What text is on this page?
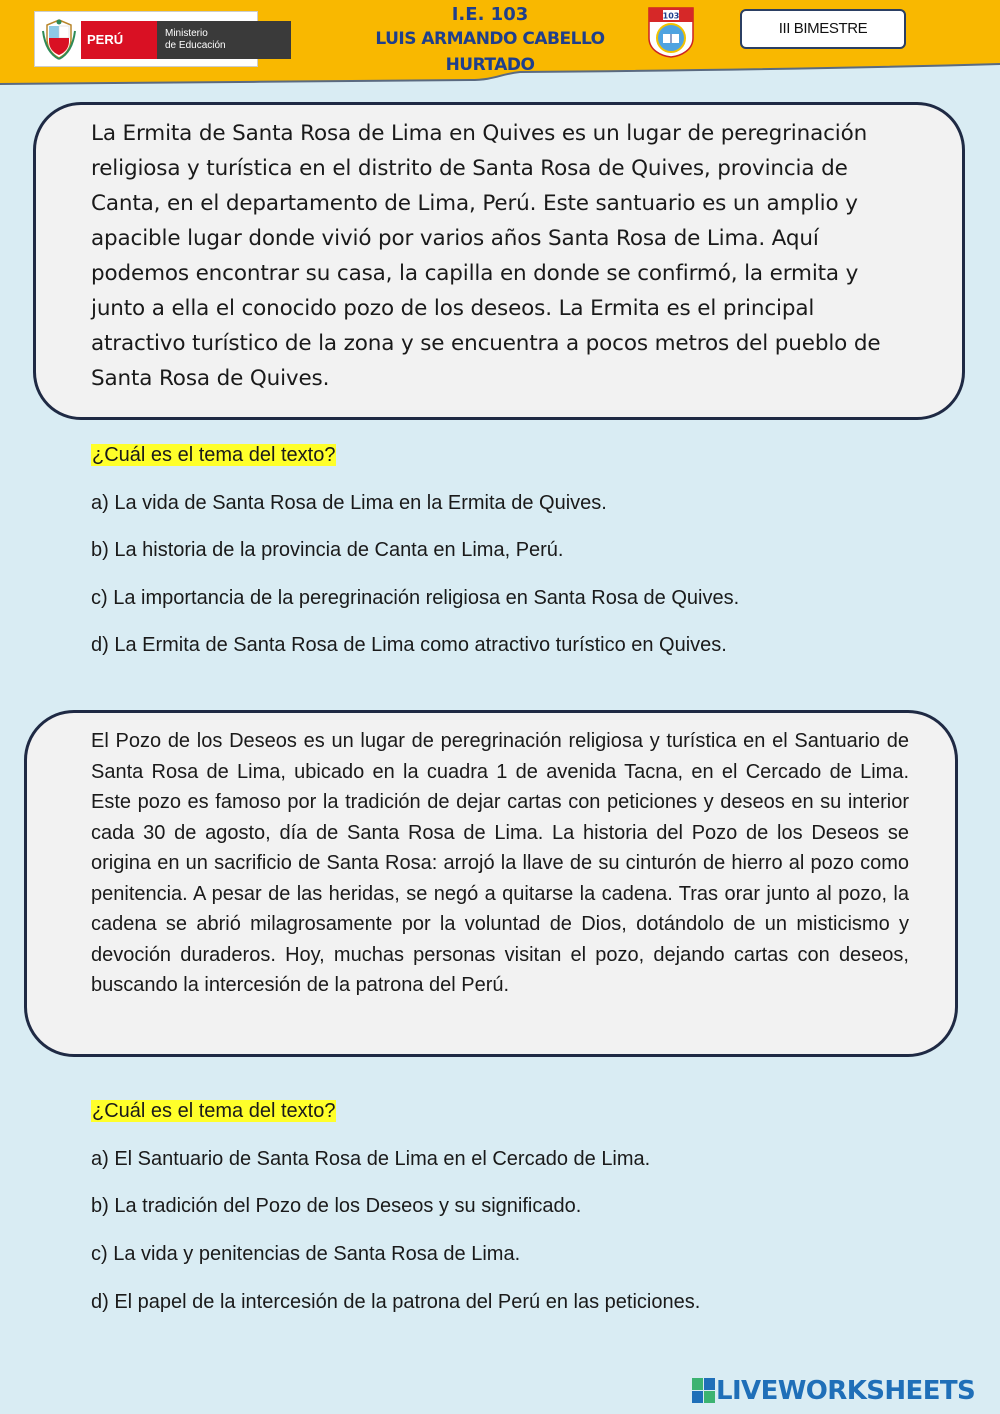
PERÚ	Ministerio
de Educación
I.E. 103
LUIS ARMANDO CABELLO HURTADO
103
III BIMESTRE
La Ermita de Santa Rosa de Lima en Quives es un lugar de peregrinación religiosa y turística en el distrito de Santa Rosa de Quives, provincia de Canta, en el departamento de Lima, Perú. Este santuario es un amplio y apacible lugar donde vivió por varios años Santa Rosa de Lima. Aquí podemos encontrar su casa, la capilla en donde se confirmó, la ermita y junto a ella el conocido pozo de los deseos. La Ermita es el principal atractivo turístico de la zona y se encuentra a pocos metros del pueblo de Santa Rosa de Quives.
¿Cuál es el tema del texto?
a) La vida de Santa Rosa de Lima en la Ermita de Quives.
b) La historia de la provincia de Canta en Lima, Perú.
c) La importancia de la peregrinación religiosa en Santa Rosa de Quives.
d) La Ermita de Santa Rosa de Lima como atractivo turístico en Quives.
El Pozo de los Deseos es un lugar de peregrinación religiosa y turística en el Santuario de Santa Rosa de Lima, ubicado en la cuadra 1 de avenida Tacna, en el Cercado de Lima. Este pozo es famoso por la tradición de dejar cartas con peticiones y deseos en su interior cada 30 de agosto, día de Santa Rosa de Lima. La historia del Pozo de los Deseos se origina en un sacrificio de Santa Rosa: arrojó la llave de su cinturón de hierro al pozo como penitencia. A pesar de las heridas, se negó a quitarse la cadena. Tras orar junto al pozo, la cadena se abrió milagrosamente por la voluntad de Dios, dotándolo de un misticismo y devoción duraderos. Hoy, muchas personas visitan el pozo, dejando cartas con deseos, buscando la intercesión de la patrona del Perú.
¿Cuál es el tema del texto?
a) El Santuario de Santa Rosa de Lima en el Cercado de Lima.
b) La tradición del Pozo de los Deseos y su significado.
c) La vida y penitencias de Santa Rosa de Lima.
d) El papel de la intercesión de la patrona del Perú en las peticiones.
LIVEWORKSHEETS
